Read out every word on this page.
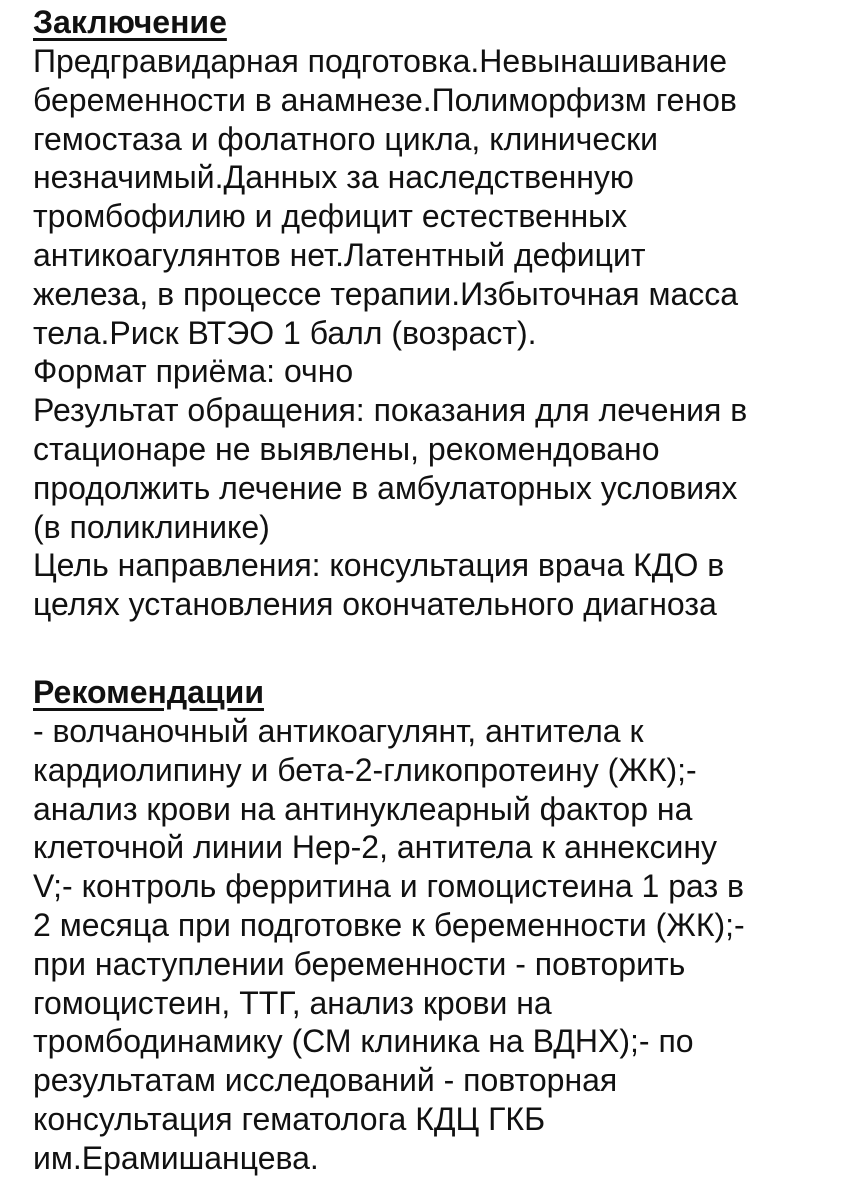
Заключение

Предгравидарная подготовка.Невынашивание

беременности в анамнезе.Полиморфизм генов

гемостаза и фолатного цикла, клинически

незначимый.Данных за наследственную

тромбофилию и дефицит естественных

антикоагулянтов нет.Латентный дефицит

железа, в процессе терапии.Избыточная масса

тела.Риск ВТЭО 1 балл (возраст).

Формат приёма: очно

Результат обращения: показания для лечения в

стационаре не выявлены, рекомендовано

продолжить лечение в амбулаторных условиях

(в поликлинике)

Цель направления: консультация врача КДО в

целях установления окончательного диагноза

Рекомендации

- волчаночный антикоагулянт, антитела к

кардиолипину и бета-2-гликопротеину (ЖК);-

анализ крови на антинуклеарный фактор на

клеточной линии Нер-2, антитела к аннексину

V;- контроль ферритина и гомоцистеина 1 раз в

2 месяца при подготовке к беременности (ЖК);-

при наступлении беременности - повторить

гомоцистеин, ТТГ, анализ крови на

тромбодинамику (СМ клиника на ВДНХ);- по

результатам исследований - повторная

консультация гематолога КДЦ ГКБ

им.Ерамишанцева.
